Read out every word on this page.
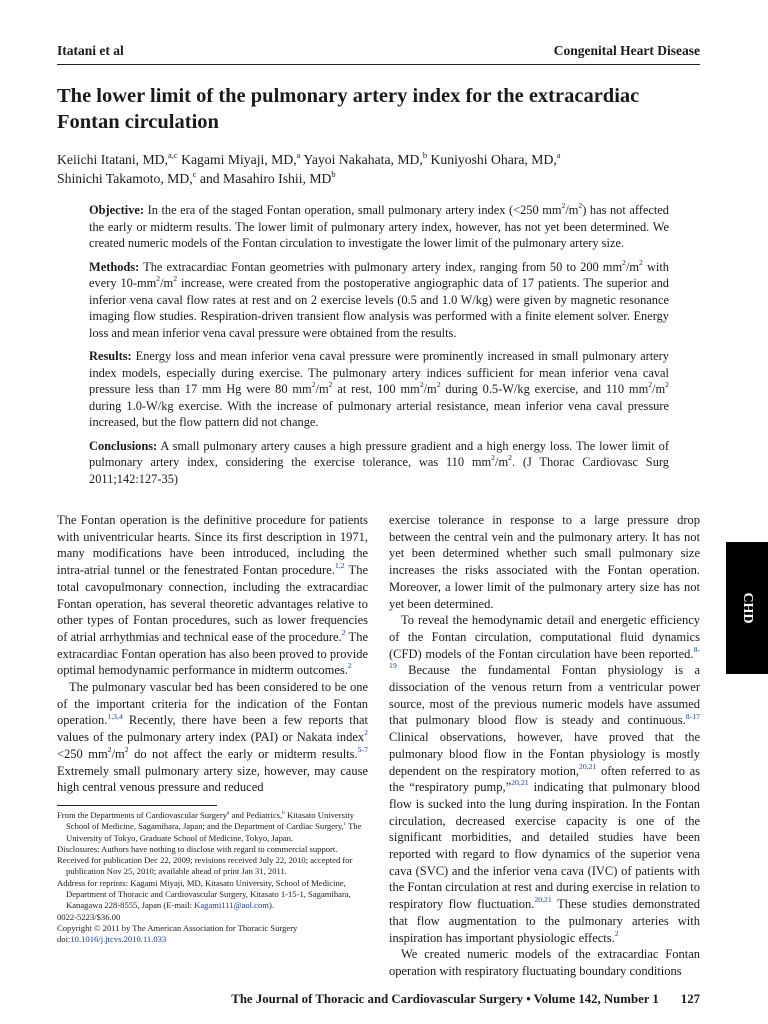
Itatani et al	Congenital Heart Disease
The lower limit of the pulmonary artery index for the extracardiac Fontan circulation
Keiichi Itatani, MD,$^{a,c}$ Kagami Miyaji, MD,$^a$ Yayoi Nakahata, MD,$^b$ Kuniyoshi Ohara, MD,$^a$
Shinichi Takamoto, MD,$^c$ and Masahiro Ishii, $MD^b$

Objective: In the era of the staged Fontan operation, small pulmonary artery index (<250 $mm^2/m^2$) has not affected the early or midterm results. The lower limit of pulmonary artery index, however, has not yet been determined. We created numeric models of the Fontan circulation to investigate the lower limit of the pulmonary artery size.

Methods: The extracardiac Fontan geometries with pulmonary artery index, ranging from 50 to 200 $mm^2/m^2$ with every $10-mm^2/m^2$ increase, were created from the postoperative angiographic data of 17 patients. The superior and inferior vena caval flow rates at rest and on 2 exercise levels (0.5 and 1.0 W/kg) were given by magnetic resonance imaging flow studies. Respiration-driven transient flow analysis was performed with a finite element solver. Energy loss and mean inferior vena caval pressure were obtained from the results.

Results: Energy loss and mean inferior vena caval pressure were prominently increased in small pulmonary artery index models, especially during exercise. The pulmonary artery indices sufficient for mean inferior vena caval pressure less than 17 mm Hg were 80 $mm^2/m^2$ at rest, 100 $mm^2/m^2$ during 0.5-W/kg exercise, and 110 $mm^2/m^2$ during 1.0-W/kg exercise. With the increase of pulmonary arterial resistance, mean inferior vena caval pressure increased, but the flow pattern did not change.

Conclusions: A small pulmonary artery causes a high pressure gradient and a high energy loss. The lower limit of pulmonary artery index, considering the exercise tolerance, was 110 $mm^2/m^2$. (J Thorac Cardiovasc Surg 2011;142:127-35)

The Fontan operation is the definitive procedure for patients with univentricular hearts. Since its first description in 1971, many modifications have been introduced, including the intra-atrial tunnel or the fenestrated Fontan procedure.$^{1,2}$ The total cavopulmonary connection, including the extracardiac Fontan operation, has several theoretic advantages relative to other types of Fontan procedures, such as lower frequencies of atrial arrhythmias and technical ease of the procedure.$^2$ The extracardiac Fontan operation has also been proved to provide optimal hemodynamic performance in midterm outcomes.$^2$

The pulmonary vascular bed has been considered to be one of the important criteria for the indication of the Fontan operation.$^{1,3,4}$ Recently, there have been a few reports that values of the pulmonary artery index (PAI) or Nakata index$^2$ <250 $mm^2/m^2$ do not affect the early or midterm results.$^{5-7}$ Extremely small pulmonary artery size, however, may cause high central venous pressure and reduced

exercise tolerance in response to a large pressure drop between the central vein and the pulmonary artery. It has not yet been determined whether such small pulmonary size increases the risks associated with the Fontan operation. Moreover, a lower limit of the pulmonary artery size has not yet been determined.

To reveal the hemodynamic detail and energetic efficiency of the Fontan circulation, computational fluid dynamics (CFD) models of the Fontan circulation have been reported.$^{8-19}$ Because the fundamental Fontan physiology is a dissociation of the venous return from a ventricular power source, most of the previous numeric models have assumed that pulmonary blood flow is steady and continuous.$^{8-17}$ Clinical observations, however, have proved that the pulmonary blood flow in the Fontan physiology is mostly dependent on the respiratory motion,$^{20,21}$ often referred to as the “respiratory pump,”$^{20,21}$ indicating that pulmonary blood flow is sucked into the lung during inspiration. In the Fontan circulation, decreased exercise capacity is one of the significant morbidities, and detailed studies have been reported with regard to flow dynamics of the superior vena cava (SVC) and the inferior vena cava (IVC) of patients with the Fontan circulation at rest and during exercise in relation to respiratory flow fluctuation.$^{20,21}$ These studies demonstrated that flow augmentation to the pulmonary arteries with inspiration has important physiologic effects.$^2$

We created numeric models of the extracardiac Fontan operation with respiratory fluctuating boundary conditions

From the Departments of Cardiovascular Surgery$^a$ and Pediatrics,$^b$ Kitasato University School of Medicine, Sagamihara, Japan; and the Department of Cardiac Surgery,$^c$ The University of Tokyo, Graduate School of Medicine, Tokyo, Japan.

Disclosures: Authors have nothing to disclose with regard to commercial support.

Received for publication Dec 22, 2009; revisions received July 22, 2010; accepted for publication Nov 25, 2010; available ahead of print Jan 31, 2011.

Address for reprints: Kagami Miyaji, MD, Kitasato University, School of Medicine, Department of Thoracic and Cardiovascular Surgery, Kitasato 1-15-1, Sagamihara, Kanagawa 228-8555, Japan (E-mail: Kagami111@aol.com).

0022-5223/$36.00

Copyright © 2011 by The American Association for Thoracic Surgery

doi:10.1016/j.jtcvs.2010.11.033

The Journal of Thoracic and Cardiovascular Surgery • Volume 142, Number 1 127
CHD
